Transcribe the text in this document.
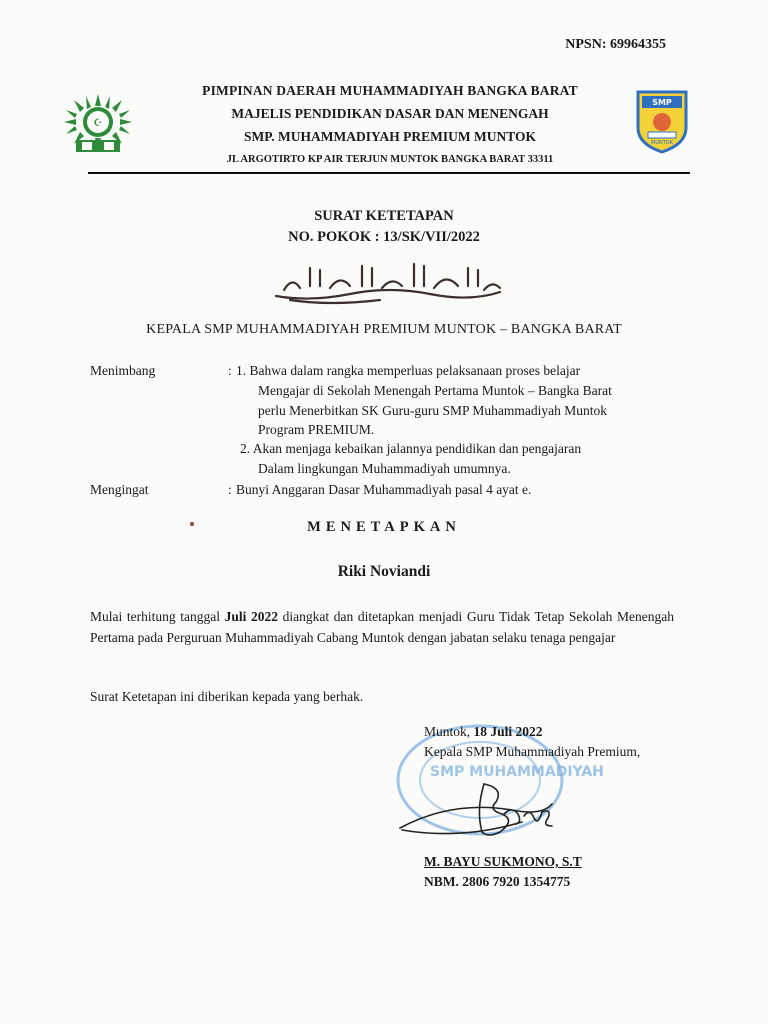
NPSN: 69964355
☪
PIMPINAN DAERAH MUHAMMADIYAH BANGKA BARAT
MAJELIS PENDIDIKAN DASAR DAN MENENGAH
SMP. MUHAMMADIYAH PREMIUM MUNTOK
JL ARGOTIRTO KP AIR TERJUN MUNTOK BANGKA BARAT 33311
SMP
MUNTOK
SURAT KETETAPAN
NO. POKOK : 13/SK/VII/2022
KEPALA SMP MUHAMMADIYAH PREMIUM MUNTOK – BANGKA BARAT
Menimbang	: 1. Bahwa dalam rangka memperluas pelaksanaan proses belajar
Mengajar di Sekolah Menengah Pertama Muntok – Bangka Barat
perlu Menerbitkan SK Guru-guru SMP Muhammadiyah Muntok
Program PREMIUM.
2. Akan menjaga kebaikan jalannya pendidikan dan pengajaran
Dalam lingkungan Muhammadiyah umumnya.
Mengingat	: Bunyi Anggaran Dasar Muhammadiyah pasal 4 ayat e.
MENETAPKAN
Riki Noviandi
Mulai terhitung tanggal Juli 2022 diangkat dan ditetapkan menjadi Guru Tidak Tetap Sekolah Menengah Pertama pada Perguruan Muhammadiyah Cabang Muntok dengan jabatan selaku tenaga pengajar
Surat Ketetapan ini diberikan kepada yang berhak.
SMP MUHAMMADIYAH
Muntok, 18 Juli 2022
Kepala SMP Muhammadiyah Premium,
M. BAYU SUKMONO, S.T
NBM. 2806 7920 1354775
